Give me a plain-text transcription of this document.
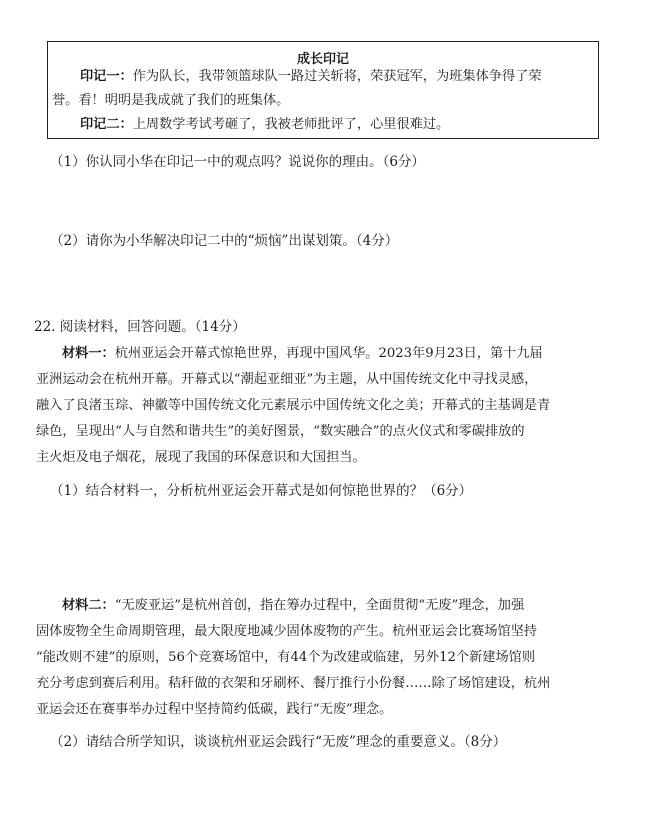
成长印记
印记一：作为队长，我带领篮球队一路过关斩将，荣获冠军，为班集体争得了荣
誉。看！明明是我成就了我们的班集体。
印记二：上周数学考试考砸了，我被老师批评了，心里很难过。
（1）你认同小华在印记一中的观点吗？说说你的理由。（6分）
（2）请你为小华解决印记二中的“烦恼”出谋划策。（4分）
22. 阅读材料，回答问题。（14分）
材料一：杭州亚运会开幕式惊艳世界，再现中国风华。2023年9月23日，第十九届
亚洲运动会在杭州开幕。开幕式以“潮起亚细亚”为主题，从中国传统文化中寻找灵感，
融入了良渚玉琮、神徽等中国传统文化元素展示中国传统文化之美；开幕式的主基调是青
绿色，呈现出“人与自然和谐共生”的美好图景，“数实融合”的点火仪式和零碳排放的
主火炬及电子烟花，展现了我国的环保意识和大国担当。
（1）结合材料一，分析杭州亚运会开幕式是如何惊艳世界的？（6分）
材料二：“无废亚运”是杭州首创，指在筹办过程中，全面贯彻“无废”理念，加强
固体废物全生命周期管理，最大限度地减少固体废物的产生。杭州亚运会比赛场馆坚持
“能改则不建”的原则，56个竞赛场馆中，有44个为改建或临建，另外12个新建场馆则
充分考虑到赛后利用。秸秆做的衣架和牙刷杯、餐厅推行小份餐……除了场馆建设，杭州
亚运会还在赛事举办过程中坚持简约低碳，践行“无废”理念。
（2）请结合所学知识，谈谈杭州亚运会践行“无废”理念的重要意义。（8分）
